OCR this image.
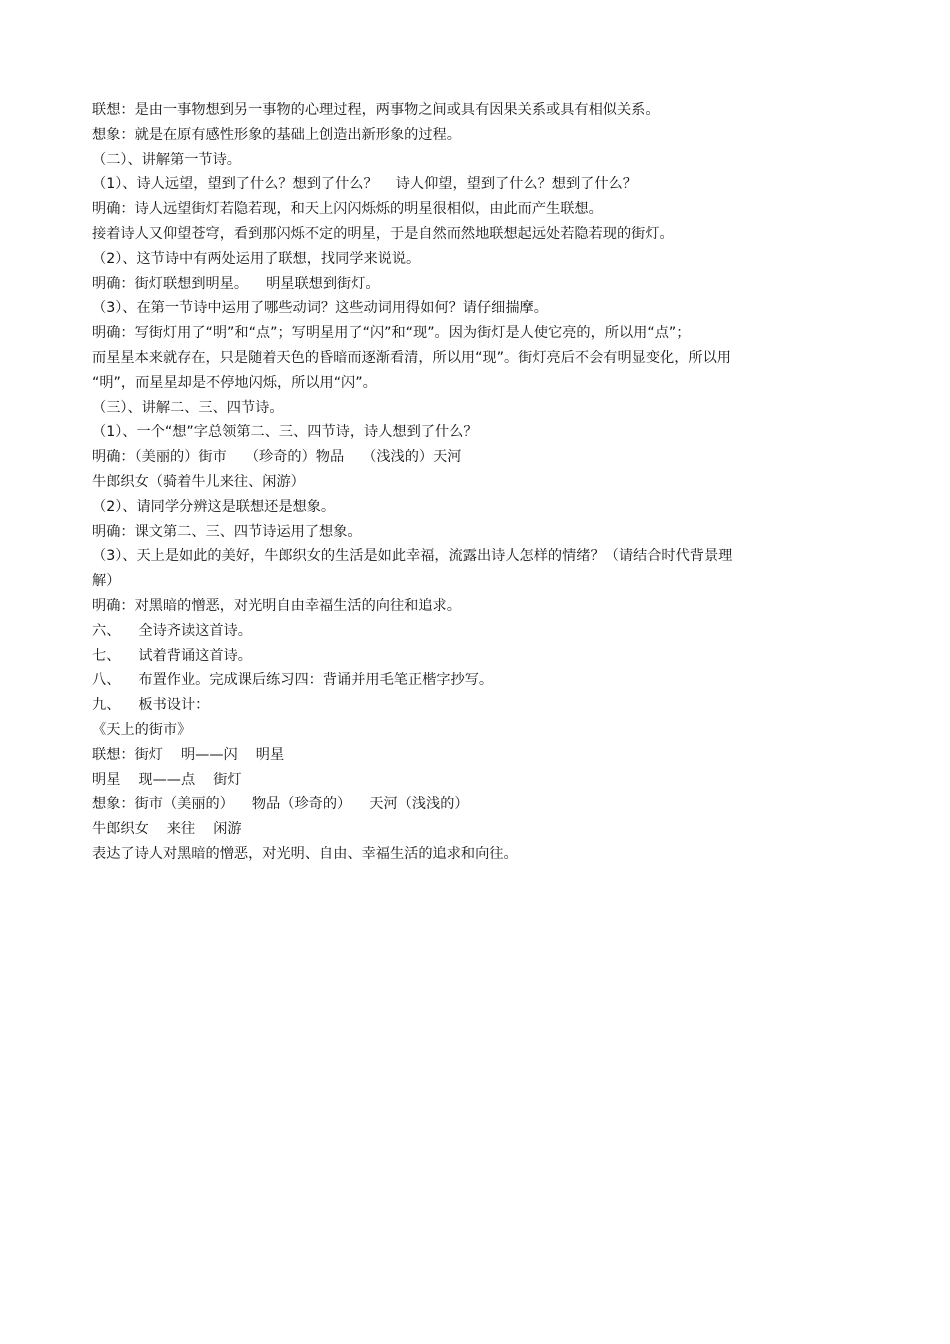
联想：是由一事物想到另一事物的心理过程，两事物之间或具有因果关系或具有相似关系。
想象：就是在原有感性形象的基础上创造出新形象的过程。
（二）、讲解第一节诗。
（1）、诗人远望，望到了什么？想到了什么？    诗人仰望，望到了什么？想到了什么？
明确：诗人远望街灯若隐若现，和天上闪闪烁烁的明星很相似，由此而产生联想。
接着诗人又仰望苍穹，看到那闪烁不定的明星，于是自然而然地联想起远处若隐若现的街灯。
（2）、这节诗中有两处运用了联想，找同学来说说。
明确：街灯联想到明星。    明星联想到街灯。
（3）、在第一节诗中运用了哪些动词？这些动词用得如何？请仔细揣摩。
明确：写街灯用了“明”和“点”；写明星用了“闪”和“现”。因为街灯是人使它亮的，所以用“点”；
而星星本来就存在，只是随着天色的昏暗而逐渐看清，所以用“现”。街灯亮后不会有明显变化，所以用
“明”，而星星却是不停地闪烁，所以用“闪”。
（三）、讲解二、三、四节诗。
（1）、一个“想”字总领第二、三、四节诗，诗人想到了什么？
明确：（美丽的）街市    （珍奇的）物品    （浅浅的）天河
牛郎织女（骑着牛儿来往、闲游）
（2）、请同学分辨这是联想还是想象。
明确：课文第二、三、四节诗运用了想象。
（3）、天上是如此的美好，牛郎织女的生活是如此幸福，流露出诗人怎样的情绪？（请结合时代背景理
解）
明确：对黑暗的憎恶，对光明自由幸福生活的向往和追求。
六、    全诗齐读这首诗。
七、    试着背诵这首诗。
八、    布置作业。完成课后练习四：背诵并用毛笔正楷字抄写。
九、    板书设计：
《天上的街市》
联想：街灯    明——闪    明星
明星    现——点    街灯
想象：街市（美丽的）    物品（珍奇的）    天河（浅浅的）
牛郎织女    来往    闲游
表达了诗人对黑暗的憎恶，对光明、自由、幸福生活的追求和向往。
